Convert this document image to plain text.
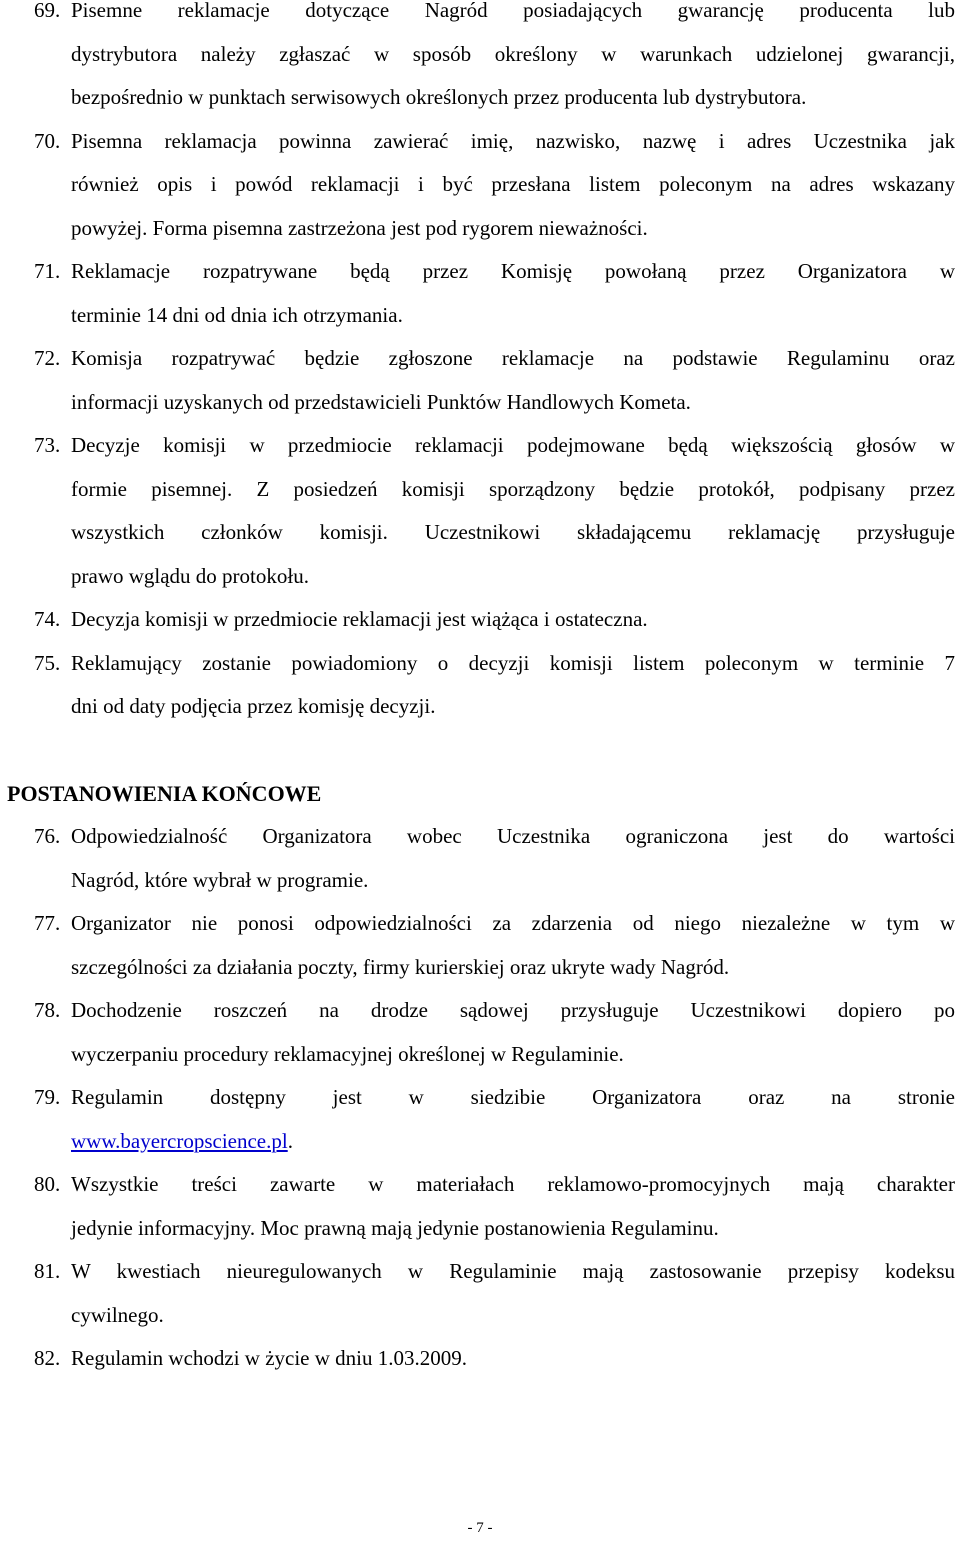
69. Pisemne reklamacje dotyczące Nagród posiadających gwarancję producenta lub
dystrybutora należy zgłaszać w sposób określony w warunkach udzielonej gwarancji,
bezpośrednio w punktach serwisowych określonych przez producenta lub dystrybutora.
70. Pisemna reklamacja powinna zawierać imię, nazwisko, nazwę i adres Uczestnika jak
również opis i powód reklamacji i być przesłana listem poleconym na adres wskazany
powyżej. Forma pisemna zastrzeżona jest pod rygorem nieważności.
71. Reklamacje rozpatrywane będą przez Komisję powołaną przez Organizatora w
terminie 14 dni od dnia ich otrzymania.
72. Komisja rozpatrywać będzie zgłoszone reklamacje na podstawie Regulaminu oraz
informacji uzyskanych od przedstawicieli Punktów Handlowych Kometa.
73. Decyzje komisji w przedmiocie reklamacji podejmowane będą większością głosów w
formie pisemnej. Z posiedzeń komisji sporządzony będzie protokół, podpisany przez
wszystkich członków komisji. Uczestnikowi składającemu reklamację przysługuje
prawo wglądu do protokołu.
74. Decyzja komisji w przedmiocie reklamacji jest wiążąca i ostateczna.
75. Reklamujący zostanie powiadomiony o decyzji komisji listem poleconym w terminie 7
dni od daty podjęcia przez komisję decyzji.
POSTANOWIENIA KOŃCOWE
76. Odpowiedzialność Organizatora wobec Uczestnika ograniczona jest do wartości
Nagród, które wybrał w programie.
77. Organizator nie ponosi odpowiedzialności za zdarzenia od niego niezależne w tym w
szczególności za działania poczty, firmy kurierskiej oraz ukryte wady Nagród.
78. Dochodzenie roszczeń na drodze sądowej przysługuje Uczestnikowi dopiero po
wyczerpaniu procedury reklamacyjnej określonej w Regulaminie.
79. Regulamin dostępny jest w siedzibie Organizatora oraz na stronie
www.bayercropscience.pl.
80. Wszystkie treści zawarte w materiałach reklamowo-promocyjnych mają charakter
jedynie informacyjny. Moc prawną mają jedynie postanowienia Regulaminu.
81. W kwestiach nieuregulowanych w Regulaminie mają zastosowanie przepisy kodeksu
cywilnego.
82. Regulamin wchodzi w życie w dniu 1.03.2009.
- 7 -
